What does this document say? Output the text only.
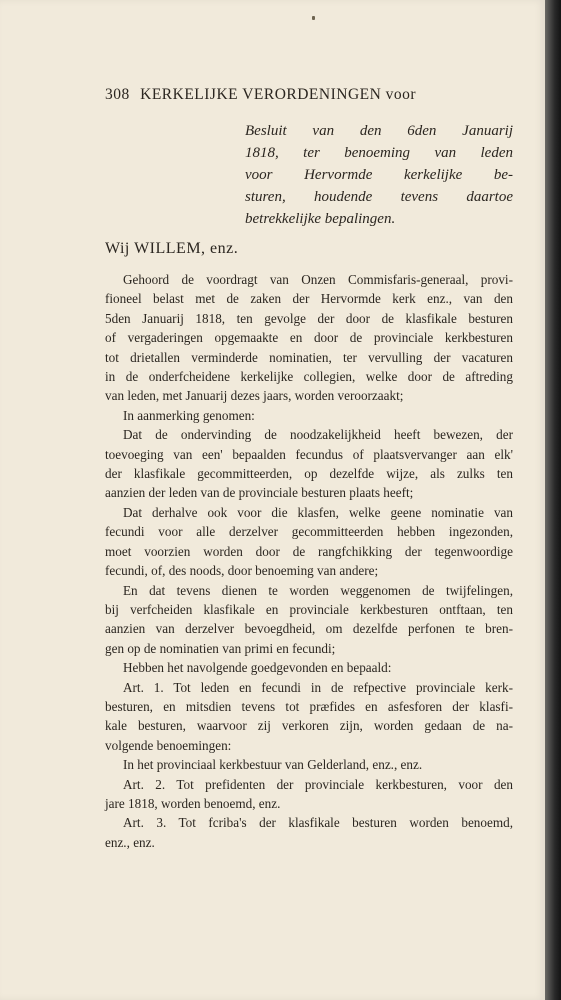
308 KERKELIJKE VERORDENINGEN voor
Besluit van den 6den Januarij
1818, ter benoeming van leden
voor Hervormde kerkelijke be-
sturen, houdende tevens daartoe
betrekkelijke bepalingen.
Wij WILLEM, enz.
Gehoord de voordragt van Onzen Commisfaris-generaal, provi-
fioneel belast met de zaken der Hervormde kerk enz., van den
5den Januarij 1818, ten gevolge der door de klasfikale besturen
of vergaderingen opgemaakte en door de provinciale kerkbesturen
tot drietallen verminderde nominatien, ter vervulling der vacaturen
in de onderfcheidene kerkelijke collegien, welke door de aftreding
van leden, met Januarij dezes jaars, worden veroorzaakt;
In aanmerking genomen:
Dat de ondervinding de noodzakelijkheid heeft bewezen, der
toevoeging van een' bepaalden fecundus of plaatsvervanger aan elk'
der klasfikale gecommitteerden, op dezelfde wijze, als zulks ten
aanzien der leden van de provinciale besturen plaats heeft;
Dat derhalve ook voor die klasfen, welke geene nominatie van
fecundi voor alle derzelver gecommitteerden hebben ingezonden,
moet voorzien worden door de rangfchikking der tegenwoordige
fecundi, of, des noods, door benoeming van andere;
En dat tevens dienen te worden weggenomen de twijfelingen,
bij verfcheiden klasfikale en provinciale kerkbesturen ontftaan, ten
aanzien van derzelver bevoegdheid, om dezelfde perfonen te bren-
gen op de nominatien van primi en fecundi;
Hebben het navolgende goedgevonden en bepaald:
Art. 1. Tot leden en fecundi in de refpective provinciale kerk-
besturen, en mitsdien tevens tot præfides en asfesforen der klasfi-
kale besturen, waarvoor zij verkoren zijn, worden gedaan de na-
volgende benoemingen:
In het provinciaal kerkbestuur van Gelderland, enz., enz.
Art. 2. Tot prefidenten der provinciale kerkbesturen, voor den
jare 1818, worden benoemd, enz.
Art. 3. Tot fcriba's der klasfikale besturen worden benoemd,
enz., enz.
